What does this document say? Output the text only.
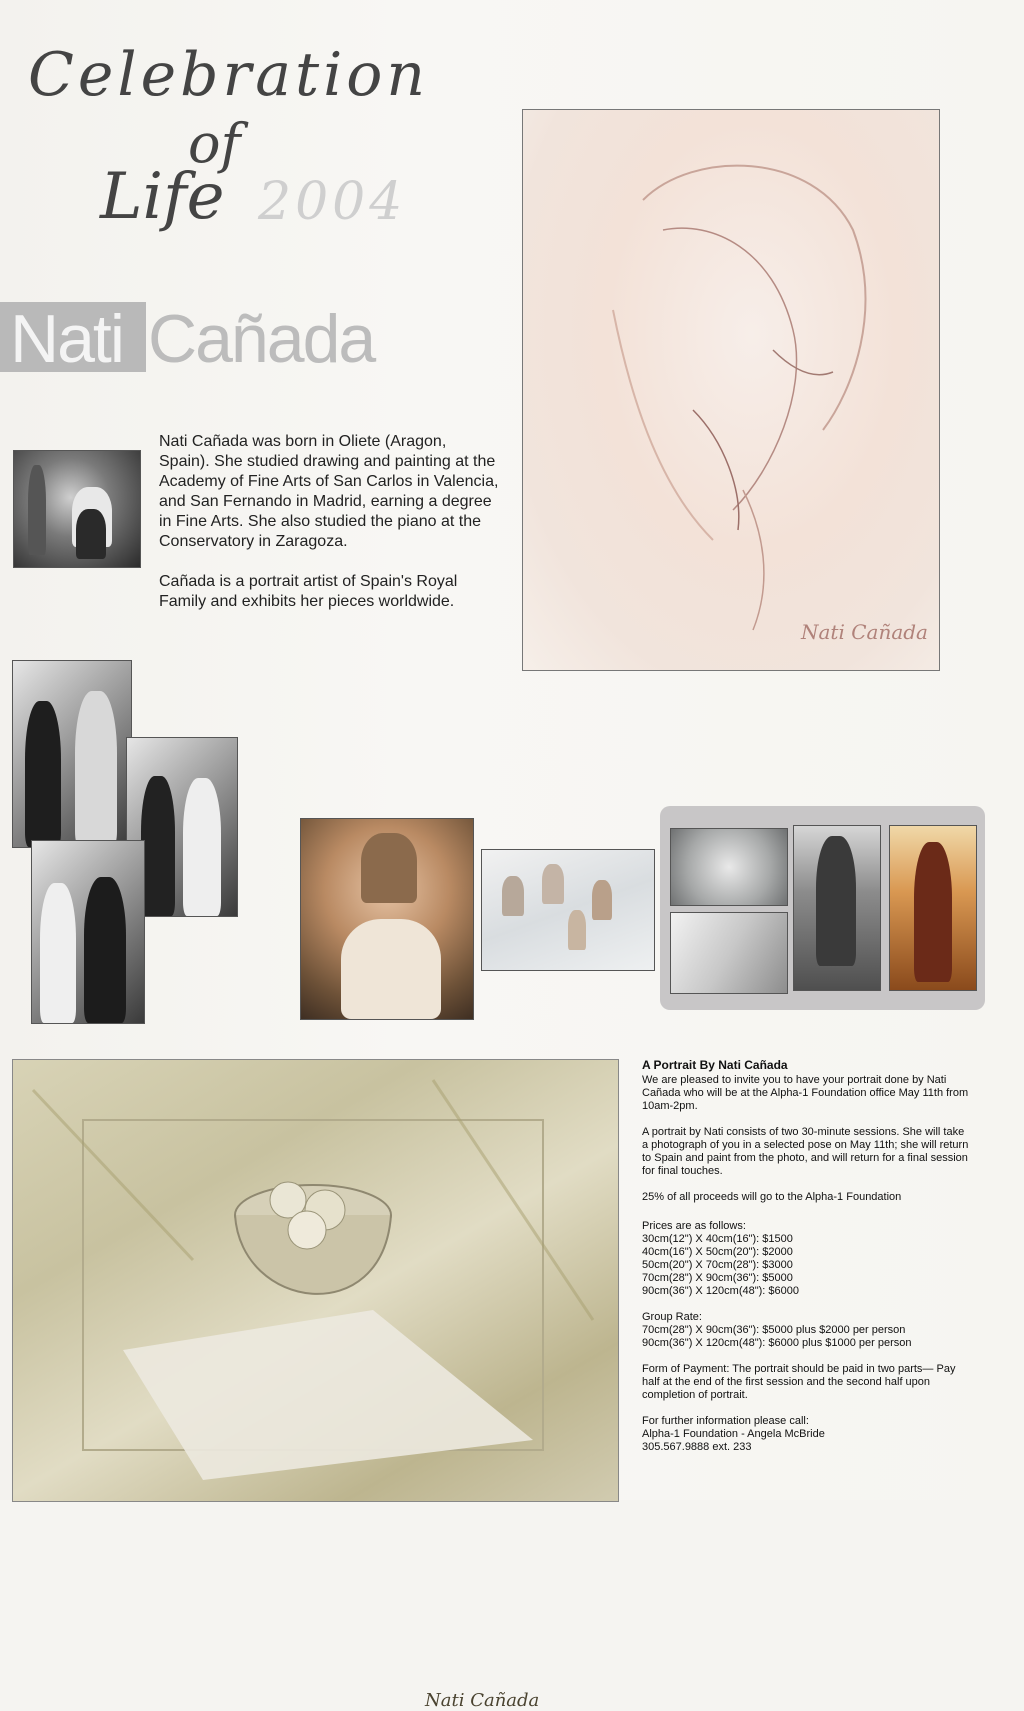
Celebration
of
Life 2004
Nati Cañada

Nati Cañada was born in Oliete (Aragon, Spain). She studied drawing and painting at the Academy of Fine Arts of San Carlos in Valencia, and San Fernando in Madrid, earning a degree in Fine Arts. She also studied the piano at the Conservatory in Zaragoza.

Cañada is a portrait artist of Spain's Royal Family and exhibits her pieces worldwide.

Nati Cañada
Nati Cañada
A Portrait By Nati Cañada

We are pleased to invite you to have your portrait done by Nati Cañada who will be at the Alpha-1 Foundation office May 11th from 10am-2pm.

A portrait by Nati consists of two 30-minute sessions. She will take a photograph of you in a selected pose on May 11th; she will return to Spain and paint from the photo, and will return for a final session for final touches.

25% of all proceeds will go to the Alpha-1 Foundation

Prices are as follows:
30cm(12") X 40cm(16"): $1500
40cm(16") X 50cm(20"): $2000
50cm(20") X 70cm(28"): $3000
70cm(28") X 90cm(36"): $5000
90cm(36") X 120cm(48"): $6000
Group Rate:
70cm(28") X 90cm(36"): $5000 plus $2000 per person
90cm(36") X 120cm(48"): $6000 plus $1000 per person

Form of Payment: The portrait should be paid in two parts— Pay half at the end of the first session and the second half upon completion of portrait.

For further information please call:
Alpha-1 Foundation - Angela McBride
305.567.9888 ext. 233
